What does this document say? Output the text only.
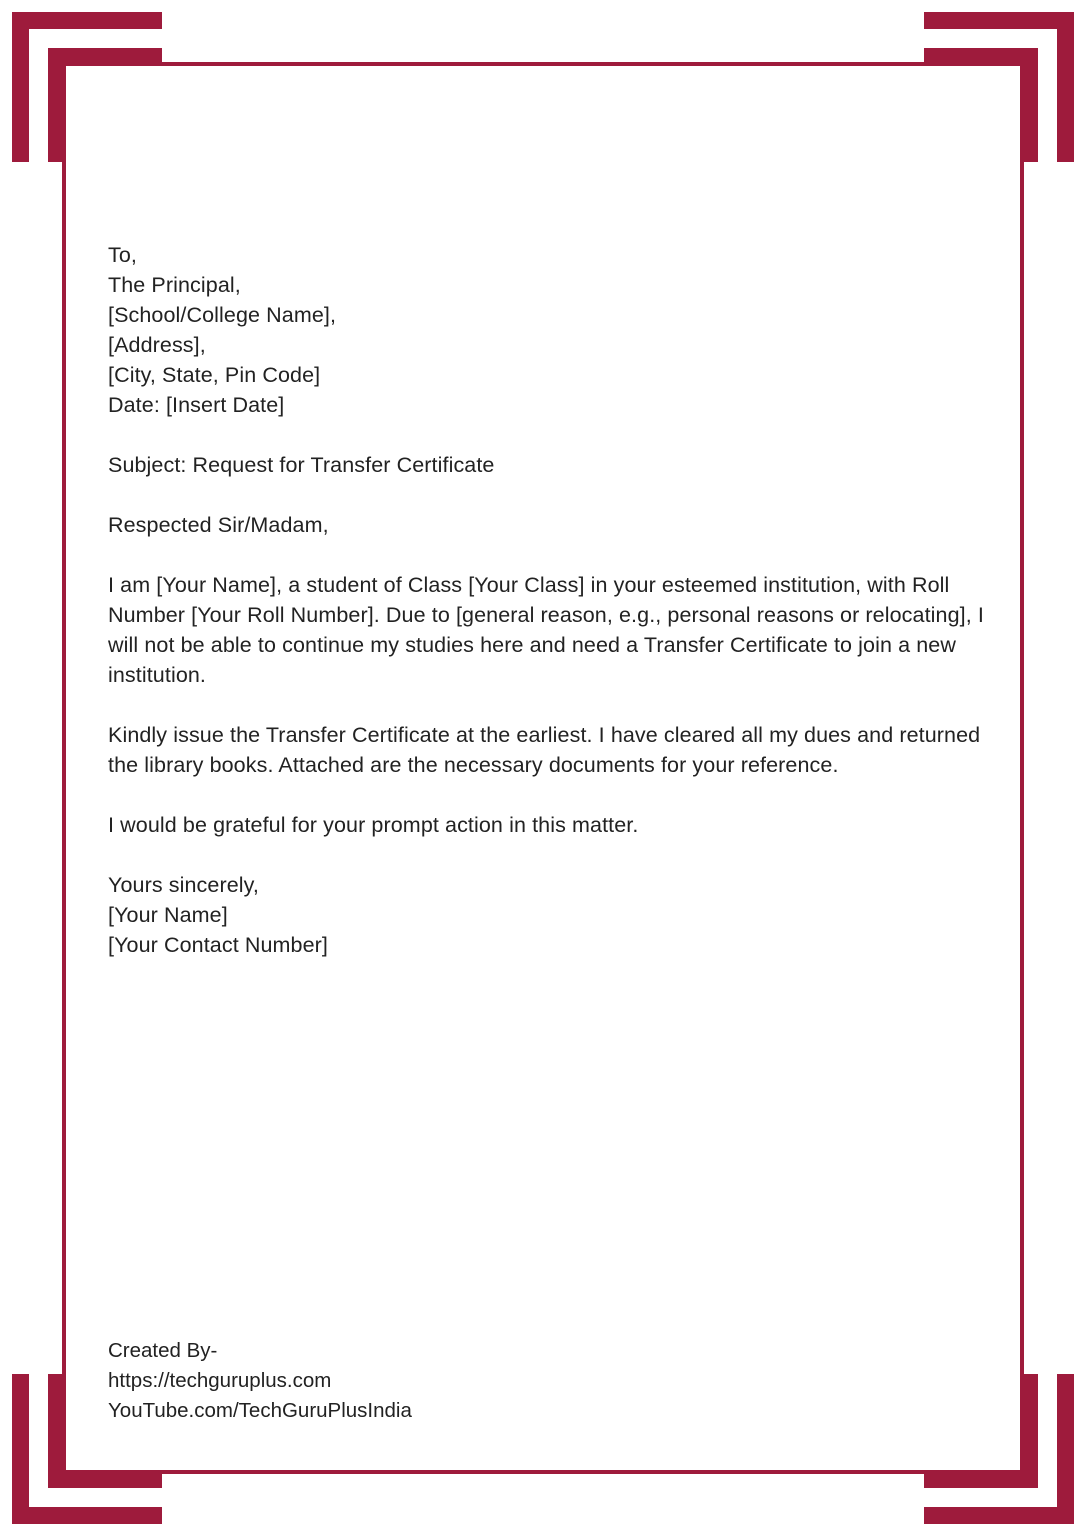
To,
The Principal,
[School/College Name],
[Address],
[City, State, Pin Code]
Date: [Insert Date]
Subject: Request for Transfer Certificate
Respected Sir/Madam,
I am [Your Name], a student of Class [Your Class] in your esteemed institution, with Roll Number [Your Roll Number]. Due to [general reason, e.g., personal reasons or relocating], I will not be able to continue my studies here and need a Transfer Certificate to join a new institution.
Kindly issue the Transfer Certificate at the earliest. I have cleared all my dues and returned the library books. Attached are the necessary documents for your reference.
I would be grateful for your prompt action in this matter.
Yours sincerely,
[Your Name]
[Your Contact Number]
Created By-
https://techguruplus.com
YouTube.com/TechGuruPlusIndia
